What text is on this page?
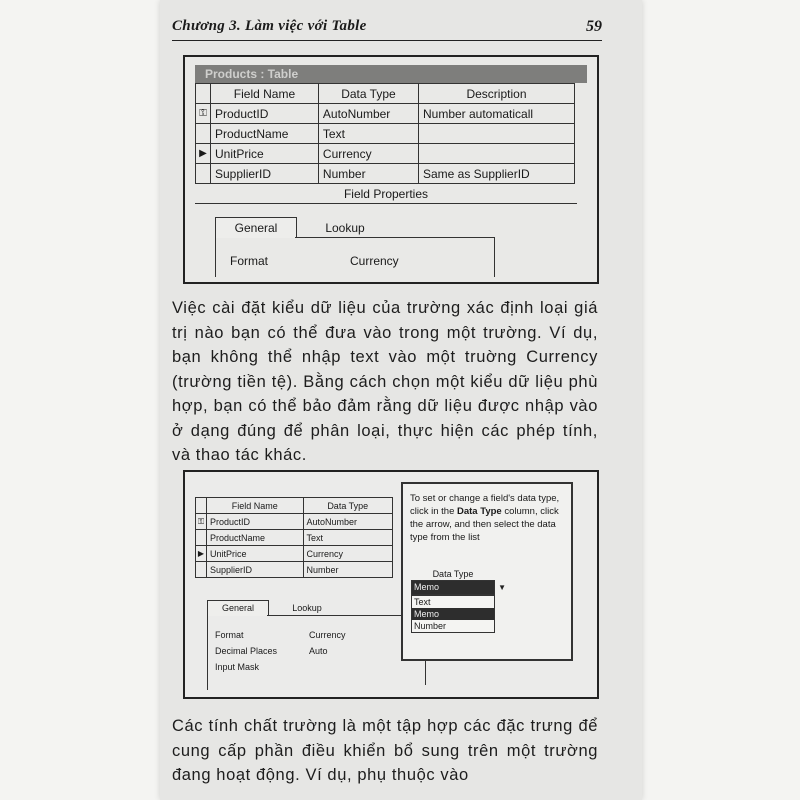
Chương 3. Làm việc với Table	59
Products : Table
	Field Name	Data Type	Description
⚿	ProductID	AutoNumber	Number automaticall
	ProductName	Text	
▶	UnitPrice	Currency	
	SupplierID	Number	Same as SupplierID
Field Properties
General	Lookup
Format	Currency
Việc cài đặt kiểu dữ liệu của trường xác định loại giá trị nào bạn có thể đưa vào trong một trường. Ví dụ, bạn không thể nhập text vào một truờng Currency (trường tiền tệ). Bằng cách chọn một kiểu dữ liệu phù hợp, bạn có thể bảo đảm rằng dữ liệu được nhập vào ở dạng đúng để phân loại, thực hiện các phép tính, và thao tác khác.
	Field Name	Data Type
⚿	ProductID	AutoNumber
	ProductName	Text
▶	UnitPrice	Currency
	SupplierID	Number
To set or change a field's data type, click in the Data Type column, click the arrow, and then select the data type from the list
Data Type
Memo	▼
Text
Memo
Number
General	Lookup
Format	Currency
Decimal Places	Auto
Input Mask
Các tính chất trường là một tập hợp các đặc trưng để cung cấp phần điều khiển bổ sung trên một trường đang hoạt động. Ví dụ, phụ thuộc vào
